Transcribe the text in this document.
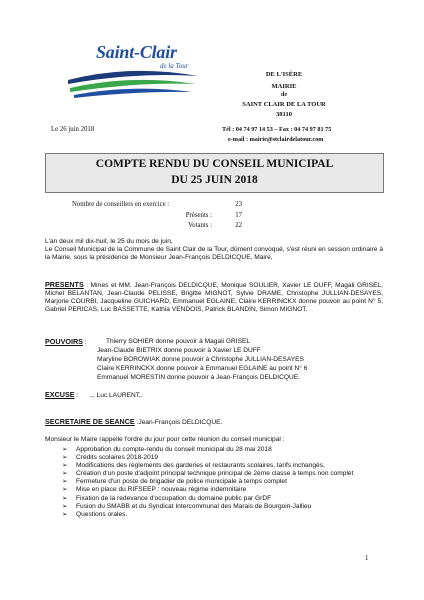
Saint-Clair
de la Tour
DE L'ISÈRE
MAIRIE
de
SAINT CLAIR DE LA TOUR
38110
Le 26 juin 2018	Tél : 04 74 97 14 53 – Fax : 04 74 97 81 75
e-mail : mairie@stclairdelatour.com
COMPTE RENDU DU CONSEIL MUNICIPAL
DU 25 JUIN 2018
Nombre de conseillers en exercice :	23
Présents :	17
Votants :	22
L'an deux mil dix-huit, le 25 du mois de juin,
Le Conseil Municipal de la Commune de Saint Clair de la Tour, dûment convoqué, s'est réuni en session ordinaire à la Mairie, sous la présidence de Monsieur Jean-François DELDICQUE, Maire,
PRESENTS : Mmes et MM. Jean-François DELDICQUE, Monique SOULIER, Xavier LE DUFF, Magali GRISEL, Michel BELANTAN, Jean-Claude PELISSE, Brigitte MIGNOT, Sylvie DRAME, Christophe JULLIAN-DESAYES, Marjorie COURBI, Jacqueline GUICHARD, Emmanuel EGLAINE, Claire KERRINCKX donne pouvoir au point N° 5, Gabriel PERICAS, Luc BASSETTE, Kathia VENDOIS, Patrick BLANDIN, Simon MIGNOT.
POUVOIRS :	Thierry SOHIER donne pouvoir à Magali GRISEL
Jean-Claude BIETRIX donne pouvoir à Xavier LE DUFF
Maryline BOROWIAK donne pouvoir à Christophe JULLIAN-DESAYES
Claire KERRINCKX donne pouvoir à Emmanuel EGLAINE au point N° 6
Emmanuel MORESTIN donne pouvoir à Jean-François DELDICQUE.
EXCUSE :      .., Luc LAURENT,.
SECRETAIRE DE SEANCE :Jean-François DELDICQUE.
Monsieur le Maire rappelle l'ordre du jour pour cette réunion du conseil municipal :
➢ Approbation du compte-rendu du conseil municipal du 28 mai 2018
➢ Crédits scolaires 2018-2019
➢ Modifications des règlements des garderies et restaurants scolaires, tarifs inchangés,
➢ Création d'un poste d'adjoint principal technique principal de 2ème classe à temps non complet
➢ Fermeture d'un poste de brigadier de police municipale à temps complet
➢ Mise en place du RIFSEEP : nouveau régime indemnitaire
➢ Fixation de la redevance d'occupation du domaine public par GrDF
➢ Fusion du SMABB et du Syndicat Intercommunal des Marais de Bourgoin-Jallieu
➢ Questions orales.
1
